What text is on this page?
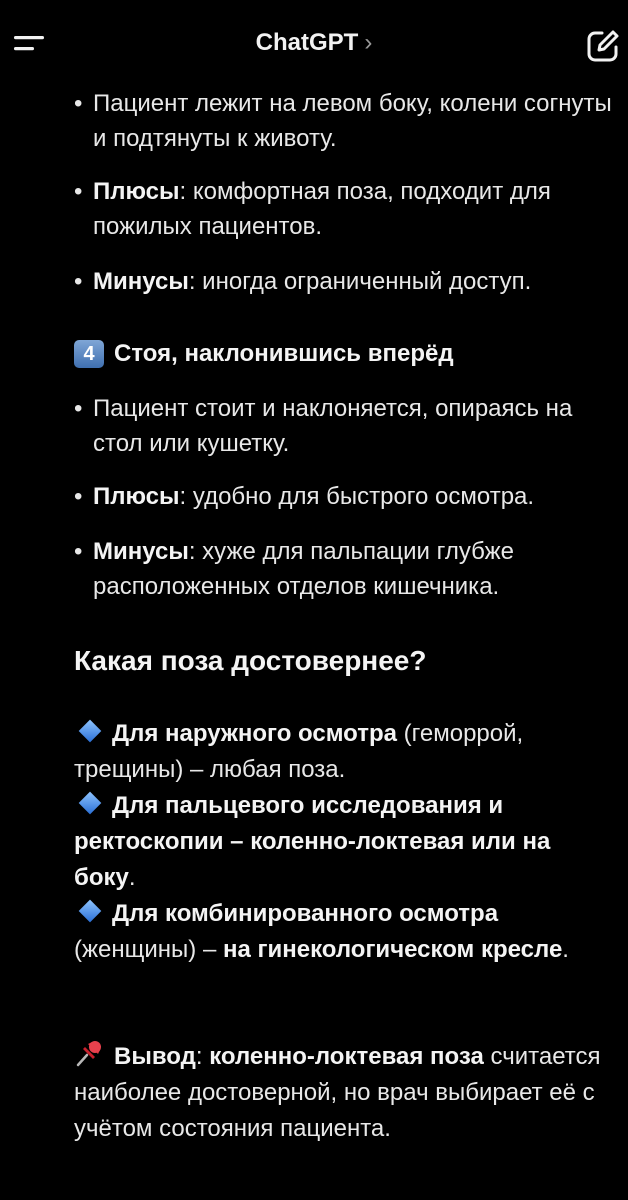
• Пациент лежит на левом боку, колени согнуты и подтянуты к животу.
• Плюсы: комфортная поза, подходит для пожилых пациентов.
• Минусы: иногда ограниченный доступ.
4 Стоя, наклонившись вперёд
• Пациент стоит и наклоняется, опираясь на стол или кушетку.
• Плюсы: удобно для быстрого осмотра.
• Минусы: хуже для пальпации глубже расположенных отделов кишечника.
Какая поза достовернее?
Для наружного осмотра (геморрой, трещины) – любая поза.
Для пальцевого исследования и ректоскопии – коленно-локтевая или на боку.
Для комбинированного осмотра (женщины) – на гинекологическом кресле.
Вывод: коленно-локтевая поза считается наиболее достоверной, но врач выбирает её с учётом состояния пациента.
ChatGPT ›
